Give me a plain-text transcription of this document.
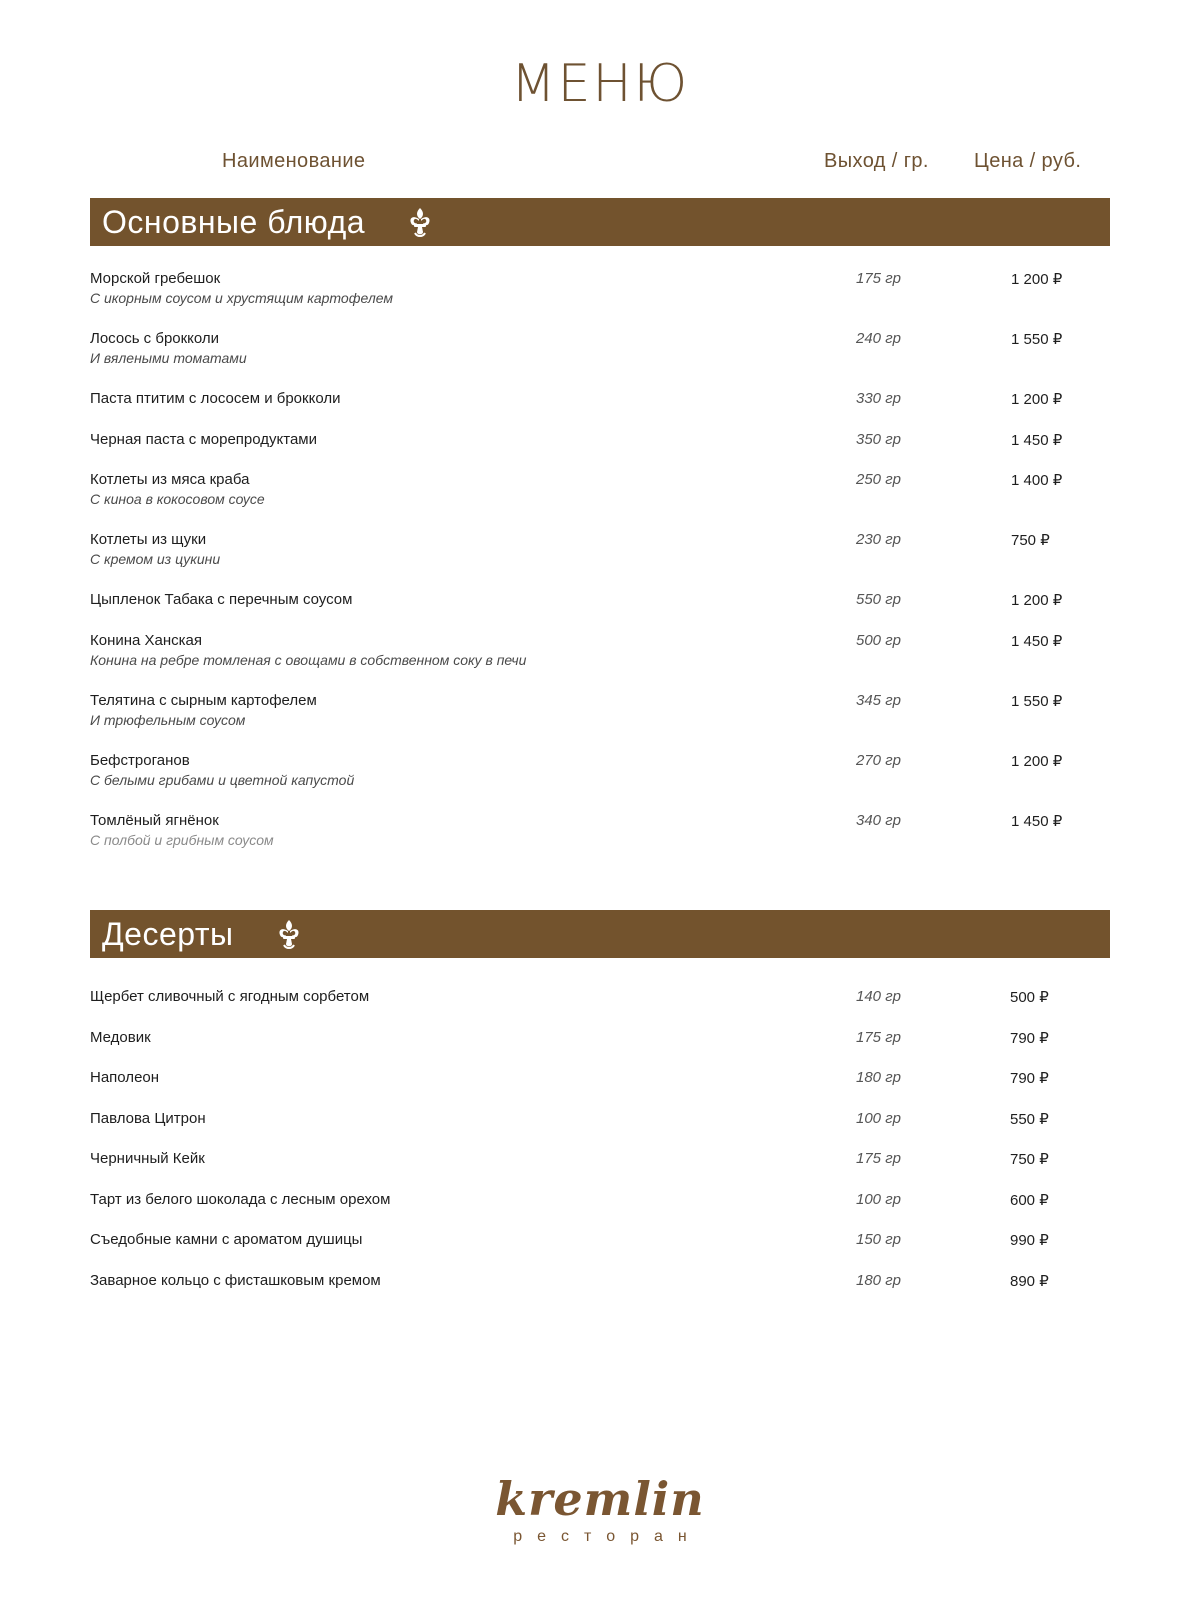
МЕНЮ
Наименование	Выход / гр. Цена / руб.
Основные блюда
Морской гребешок
С икорным соусом и хрустящим картофелем
175 гр	1 200 ₽
Лосось с брокколи
И вялеными томатами
240 гр	1 550 ₽
Паста птитим с лососем и брокколи	330 гр	1 200 ₽
Черная паста с морепродуктами	350 гр	1 450 ₽
Котлеты из мяса краба
С киноа в кокосовом соусе
250 гр	1 400 ₽
Котлеты из щуки
С кремом из цукини
230 гр	750 ₽
Цыпленок Табака с перечным соусом	550 гр	1 200 ₽
Конина Ханская
Конина на ребре томленая с овощами в собственном соку в печи
500 гр	1 450 ₽
Телятина с сырным картофелем
И трюфельным соусом
345 гр	1 550 ₽
Бефстроганов
С белыми грибами и цветной капустой
270 гр	1 200 ₽
Томлёный ягнёнок
С полбой и грибным соусом
340 гр	1 450 ₽
Десерты
Щербет сливочный с ягодным сорбетом	140 гр	500 ₽
Медовик	175 гр	790 ₽
Наполеон	180 гр	790 ₽
Павлова Цитрон	100 гр	550 ₽
Черничный Кейк	175 гр	750 ₽
Тарт из белого шоколада с лесным орехом	100 гр	600 ₽
Съедобные камни с ароматом душицы	150 гр	990 ₽
Заварное кольцо с фисташковым кремом	180 гр	890 ₽
kremlin
ресторан
